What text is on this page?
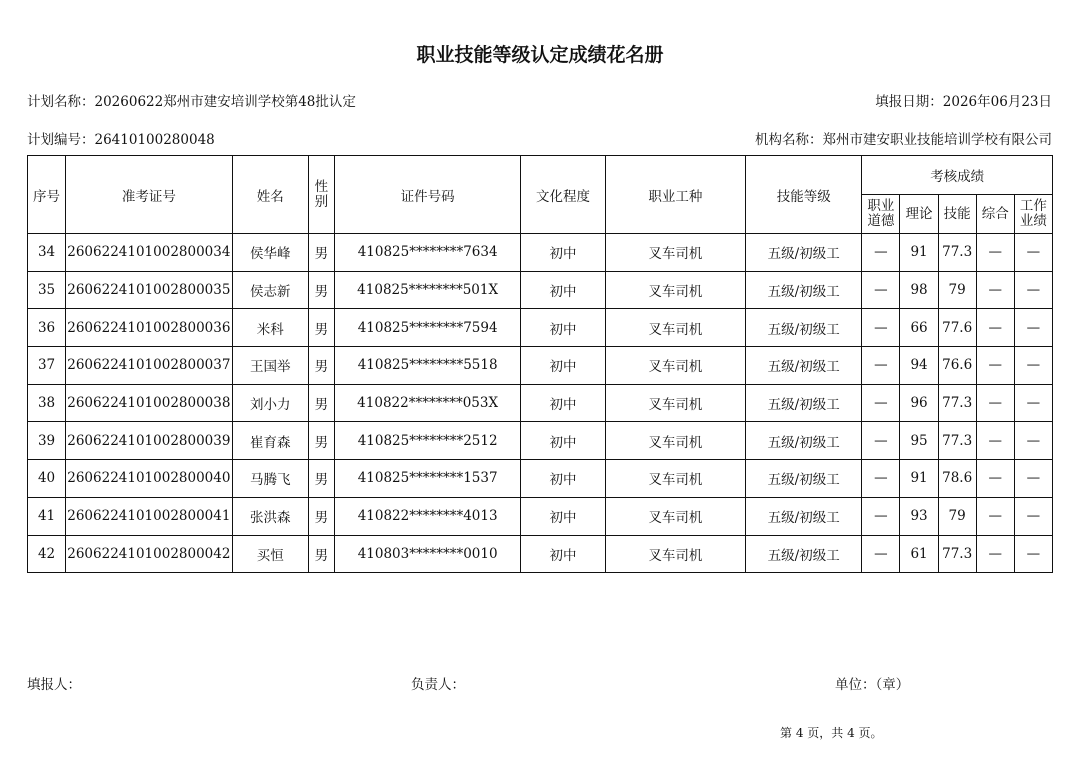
职业技能等级认定成绩花名册
计划名称：20260622郑州市建安培训学校第48批认定	填报日期：2026年06月23日
计划编号：26410100280048	机构名称：郑州市建安职业技能培训学校有限公司
序号	准考证号	姓名	性别	证件号码	文化程度	职业工种	技能等级	考核成绩				
								职业道德	理论	技能	综合	工作业绩
34	2606224101002800034	侯华峰	男	410825********7634	初中	叉车司机	五级/初级工	—	91	77.3	—	—
35	2606224101002800035	侯志新	男	410825********501X	初中	叉车司机	五级/初级工	—	98	79	—	—
36	2606224101002800036	米科	男	410825********7594	初中	叉车司机	五级/初级工	—	66	77.6	—	—
37	2606224101002800037	王国举	男	410825********5518	初中	叉车司机	五级/初级工	—	94	76.6	—	—
38	2606224101002800038	刘小力	男	410822********053X	初中	叉车司机	五级/初级工	—	96	77.3	—	—
39	2606224101002800039	崔育森	男	410825********2512	初中	叉车司机	五级/初级工	—	95	77.3	—	—
40	2606224101002800040	马腾飞	男	410825********1537	初中	叉车司机	五级/初级工	—	91	78.6	—	—
41	2606224101002800041	张洪森	男	410822********4013	初中	叉车司机	五级/初级工	—	93	79	—	—
42	2606224101002800042	买恒	男	410803********0010	初中	叉车司机	五级/初级工	—	61	77.3	—	—
填报人：	负责人：	单位：（章）
第 4 页，共 4 页。
